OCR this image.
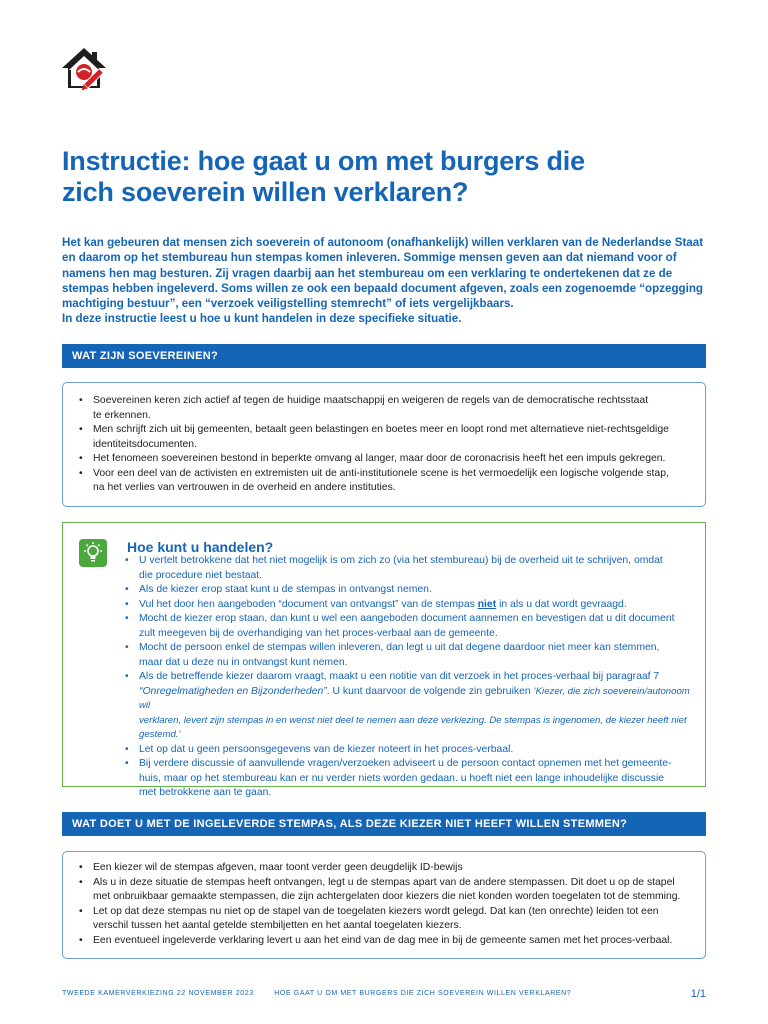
Instructie: hoe gaat u om met burgers die
zich soeverein willen verklaren?

Het kan gebeuren dat mensen zich soeverein of autonoom (onafhankelijk) willen verklaren van de Nederlandse Staat
en daarom op het stembureau hun stempas komen inleveren. Sommige mensen geven aan dat niemand voor of
namens hen mag besturen. Zij vragen daarbij aan het stembureau om een verklaring te ondertekenen dat ze de
stempas hebben ingeleverd. Soms willen ze ook een bepaald document afgeven, zoals een zogenoemde “opzegging
machtiging bestuur”, een “verzoek veiligstelling stemrecht” of iets vergelijkbaars.
In deze instructie leest u hoe u kunt handelen in deze specifieke situatie.

WAT ZIJN SOEVEREINEN?
• Soevereinen keren zich actief af tegen de huidige maatschappij en weigeren de regels van de democratische rechtsstaat
te erkennen.
• Men schrijft zich uit bij gemeenten, betaalt geen belastingen en boetes meer en loopt rond met alternatieve niet-rechtsgeldige
identiteitsdocumenten.
• Het fenomeen soevereinen bestond in beperkte omvang al langer, maar door de coronacrisis heeft het een impuls gekregen.
• Voor een deel van de activisten en extremisten uit de anti-institutionele scene is het vermoedelijk een logische volgende stap,
na het verlies van vertrouwen in de overheid en andere instituties.
Hoe kunt u handelen?
• U vertelt betrokkene dat het niet mogelijk is om zich zo (via het stembureau) bij de overheid uit te schrijven, omdat
die procedure niet bestaat.
• Als de kiezer erop staat kunt u de stempas in ontvangst nemen.
• Vul het door hen aangeboden “document van ontvangst” van de stempas niet in als u dat wordt gevraagd.
• Mocht de kiezer erop staan, dan kunt u wel een aangeboden document aannemen en bevestigen dat u dit document
zult meegeven bij de overhandiging van het proces-verbaal aan de gemeente.
• Mocht de persoon enkel de stempas willen inleveren, dan legt u uit dat degene daardoor niet meer kan stemmen,
maar dat u deze nu in ontvangst kunt nemen.
• Als de betreffende kiezer daarom vraagt, maakt u een notitie van dit verzoek in het proces-verbaal bij paragraaf 7
“Onregelmatigheden en Bijzonderheden”. U kunt daarvoor de volgende zin gebruiken ‘Kiezer, die zich soeverein/autonoom wil
verklaren, levert zijn stempas in en wenst niet deel te nemen aan deze verkiezing. De stempas is ingenomen, de kiezer heeft niet gestemd.’
• Let op dat u geen persoonsgegevens van de kiezer noteert in het proces-verbaal.
• Bij verdere discussie of aanvullende vragen/verzoeken adviseert u de persoon contact opnemen met het gemeente-
huis, maar op het stembureau kan er nu verder niets worden gedaan. u hoeft niet een lange inhoudelijke discussie
met betrokkene aan te gaan.
WAT DOET U MET DE INGELEVERDE STEMPAS, ALS DEZE KIEZER NIET HEEFT WILLEN STEMMEN?
• Een kiezer wil de stempas afgeven, maar toont verder geen deugdelijk ID-bewijs
• Als u in deze situatie de stempas heeft ontvangen, legt u de stempas apart van de andere stempassen. Dit doet u op de stapel
met onbruikbaar gemaakte stempassen, die zijn achtergelaten door kiezers die niet konden worden toegelaten tot de stemming.
• Let op dat deze stempas nu niet op de stapel van de toegelaten kiezers wordt gelegd. Dat kan (ten onrechte) leiden tot een
verschil tussen het aantal getelde stembiljetten en het aantal toegelaten kiezers.
• Een eventueel ingeleverde verklaring levert u aan het eind van de dag mee in bij de gemeente samen met het proces-verbaal.
TWEEDE KAMERVERKIEZING 22 NOVEMBER 2023	HOE GAAT U OM MET BURGERS DIE ZICH SOEVEREIN WILLEN VERKLAREN?	1/1
